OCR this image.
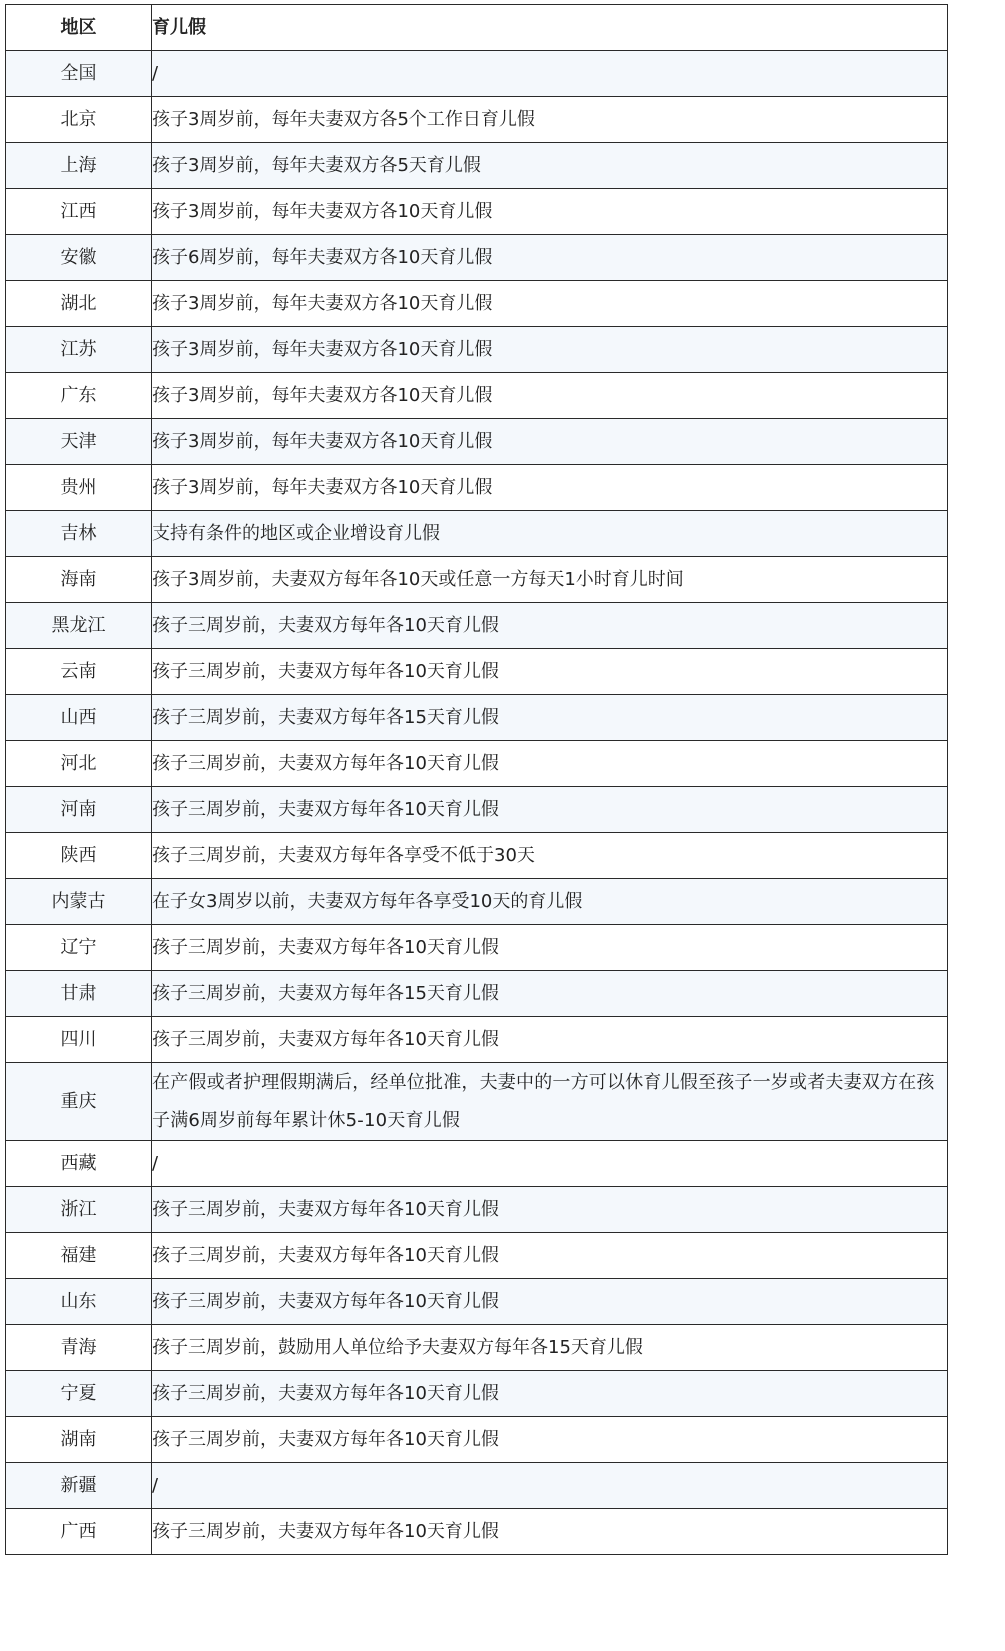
地区	育儿假
全国	/
北京	孩子3周岁前，每年夫妻双方各5个工作日育儿假
上海	孩子3周岁前，每年夫妻双方各5天育儿假
江西	孩子3周岁前，每年夫妻双方各10天育儿假
安徽	孩子6周岁前，每年夫妻双方各10天育儿假
湖北	孩子3周岁前，每年夫妻双方各10天育儿假
江苏	孩子3周岁前，每年夫妻双方各10天育儿假
广东	孩子3周岁前，每年夫妻双方各10天育儿假
天津	孩子3周岁前，每年夫妻双方各10天育儿假
贵州	孩子3周岁前，每年夫妻双方各10天育儿假
吉林	支持有条件的地区或企业增设育儿假
海南	孩子3周岁前，夫妻双方每年各10天或任意一方每天1小时育儿时间
黑龙江	孩子三周岁前，夫妻双方每年各10天育儿假
云南	孩子三周岁前，夫妻双方每年各10天育儿假
山西	孩子三周岁前，夫妻双方每年各15天育儿假
河北	孩子三周岁前，夫妻双方每年各10天育儿假
河南	孩子三周岁前，夫妻双方每年各10天育儿假
陕西	孩子三周岁前，夫妻双方每年各享受不低于30天
内蒙古	在子女3周岁以前，夫妻双方每年各享受10天的育儿假
辽宁	孩子三周岁前，夫妻双方每年各10天育儿假
甘肃	孩子三周岁前，夫妻双方每年各15天育儿假
四川	孩子三周岁前，夫妻双方每年各10天育儿假
重庆	在产假或者护理假期满后，经单位批准，夫妻中的一方可以休育儿假至孩子一岁或者夫妻双方在孩子满6周岁前每年累计休5-10天育儿假
西藏	/
浙江	孩子三周岁前，夫妻双方每年各10天育儿假
福建	孩子三周岁前，夫妻双方每年各10天育儿假
山东	孩子三周岁前，夫妻双方每年各10天育儿假
青海	孩子三周岁前，鼓励用人单位给予夫妻双方每年各15天育儿假
宁夏	孩子三周岁前，夫妻双方每年各10天育儿假
湖南	孩子三周岁前，夫妻双方每年各10天育儿假
新疆	/
广西	孩子三周岁前，夫妻双方每年各10天育儿假
